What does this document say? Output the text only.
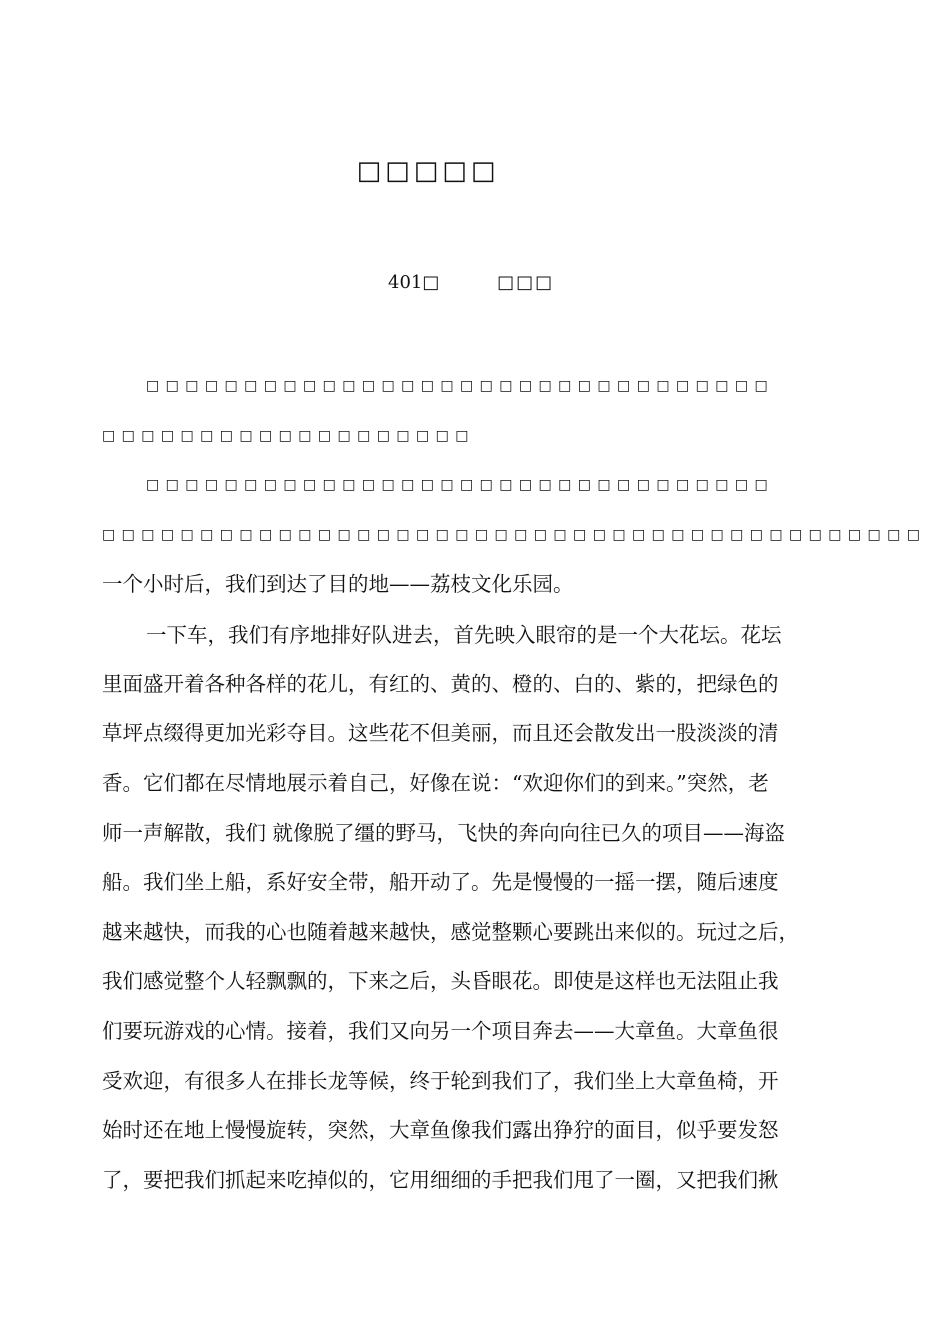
□□□□□
401□	□□□
□□□□□□□□□□□□□□□□□□□□□□□□□□□□□□□□
□□□□□□□□□□□□□□□□□□□
□□□□□□□□□□□□□□□□□□□□□□□□□□□□□□□□
□□□□□□□□□□□□□□□□□□□□□□□□□□□□□□□□□□□□□□□□□□
一个小时后，我们到达了目的地——荔枝文化乐园。
一下车，我们有序地排好队进去，首先映入眼帘的是一个大花坛。花坛
里面盛开着各种各样的花儿，有红的、黄的、橙的、白的、紫的，把绿色的
草坪点缀得更加光彩夺目。这些花不但美丽，而且还会散发出一股淡淡的清
香。它们都在尽情地展示着自己，好像在说：“欢迎你们的到来。”突然，老
师一声解散，我们 就像脱了缰的野马，飞快的奔向向往已久的项目——海盗
船。我们坐上船，系好安全带，船开动了。先是慢慢的一摇一摆，随后速度
越来越快，而我的心也随着越来越快，感觉整颗心要跳出来似的。玩过之后，
我们感觉整个人轻飘飘的，下来之后，头昏眼花。即使是这样也无法阻止我
们要玩游戏的心情。接着，我们又向另一个项目奔去——大章鱼。大章鱼很
受欢迎，有很多人在排长龙等候，终于轮到我们了，我们坐上大章鱼椅，开
始时还在地上慢慢旋转，突然，大章鱼像我们露出狰狞的面目，似乎要发怒
了，要把我们抓起来吃掉似的，它用细细的手把我们甩了一圈，又把我们揪
